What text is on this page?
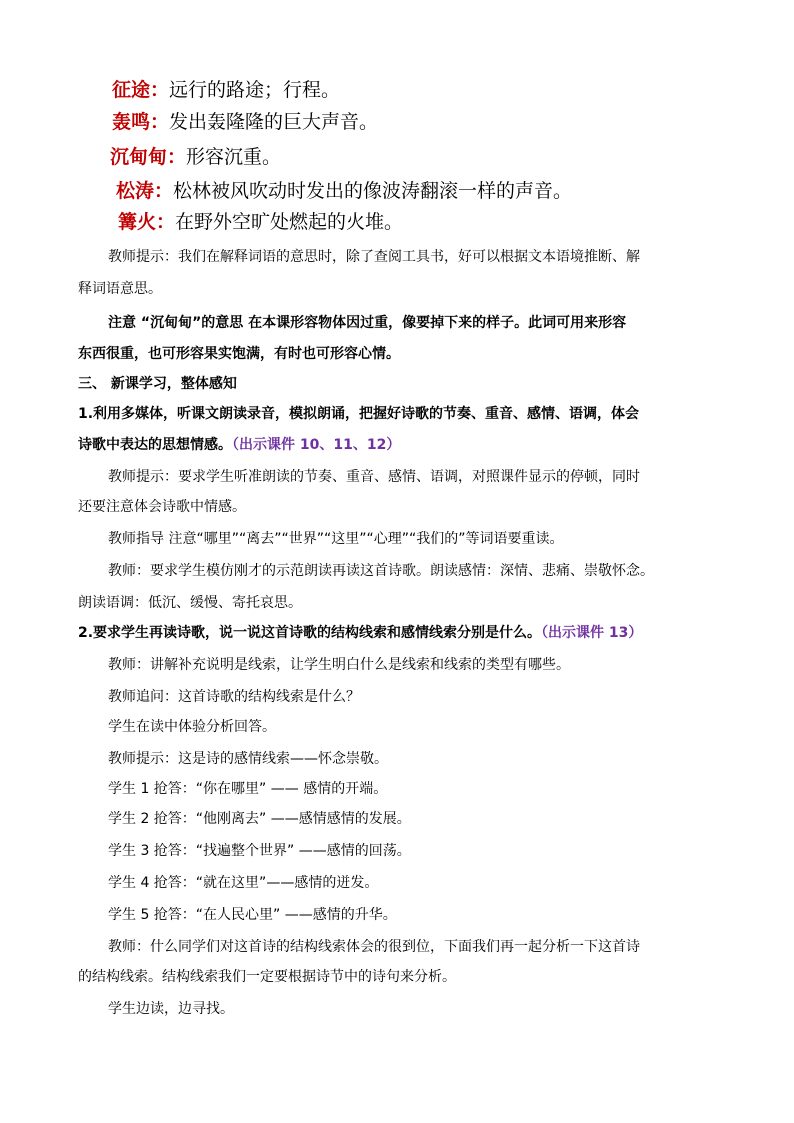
征途：远行的路途；行程。
轰鸣：发出轰隆隆的巨大声音。
沉甸甸：形容沉重。
松涛：松林被风吹动时发出的像波涛翻滚一样的声音。
篝火：在野外空旷处燃起的火堆。
教师提示：我们在解释词语的意思时，除了查阅工具书，好可以根据文本语境推断、解
释词语意思。
注意 “沉甸甸”的意思 在本课形容物体因过重，像要掉下来的样子。此词可用来形容
东西很重，也可形容果实饱满，有时也可形容心情。
三、 新课学习，整体感知
1.利用多媒体，听课文朗读录音，模拟朗诵，把握好诗歌的节奏、重音、感情、语调，体会
诗歌中表达的思想情感。（出示课件 10、11、12）
教师提示：要求学生听准朗读的节奏、重音、感情、语调，对照课件显示的停顿，同时
还要注意体会诗歌中情感。
教师指导 注意“哪里”“离去”“世界”“这里”“心理”“我们的”等词语要重读。
教师：要求学生模仿刚才的示范朗读再读这首诗歌。朗读感情：深情、悲痛、崇敬怀念。
朗读语调：低沉、缓慢、寄托哀思。
2.要求学生再读诗歌，说一说这首诗歌的结构线索和感情线索分别是什么。（出示课件 13）
教师：讲解补充说明是线索，让学生明白什么是线索和线索的类型有哪些。
教师追问：这首诗歌的结构线索是什么？
学生在读中体验分析回答。
教师提示：这是诗的感情线索——怀念崇敬。
学生 1 抢答：“你在哪里” —— 感情的开端。
学生 2 抢答：“他刚离去” ——感情感情的发展。
学生 3 抢答：“找遍整个世界” ——感情的回荡。
学生 4 抢答：“就在这里”——感情的迸发。
学生 5 抢答：“在人民心里” ——感情的升华。
教师：什么同学们对这首诗的结构线索体会的很到位，下面我们再一起分析一下这首诗
的结构线索。结构线索我们一定要根据诗节中的诗句来分析。
学生边读，边寻找。
